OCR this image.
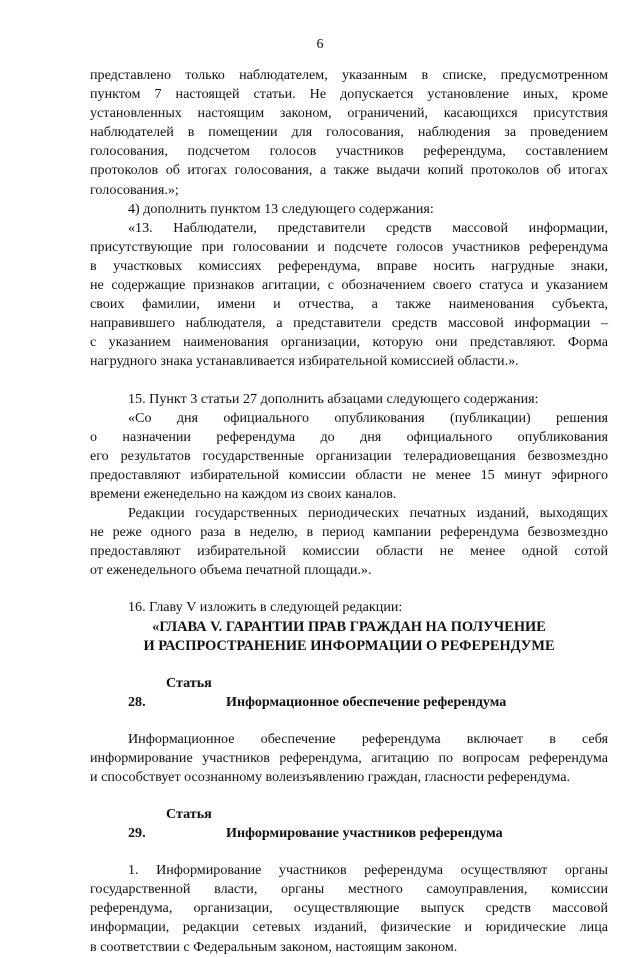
6

представлено только наблюдателем, указанным в списке, предусмотренном

пунктом 7 настоящей статьи. Не допускается установление иных, кроме

установленных настоящим законом, ограничений, касающихся присутствия

наблюдателей в помещении для голосования, наблюдения за проведением

голосования, подсчетом голосов участников референдума, составлением

протоколов об итогах голосования, а также выдачи копий протоколов об итогах

голосования.»;

4) дополнить пунктом 13 следующего содержания:

«13. Наблюдатели, представители средств массовой информации,

присутствующие при голосовании и подсчете голосов участников референдума

в участковых комиссиях референдума, вправе носить нагрудные знаки,

не содержащие признаков агитации, с обозначением своего статуса и указанием

своих фамилии, имени и отчества, а также наименования субъекта,

направившего наблюдателя, а представители средств массовой информации –

с указанием наименования организации, которую они представляют. Форма

нагрудного знака устанавливается избирательной комиссией области.».

15. Пункт 3 статьи 27 дополнить абзацами следующего содержания:

«Со дня официального опубликования (публикации) решения

о назначении референдума до дня официального опубликования

его результатов государственные организации телерадиовещания безвозмездно

предоставляют избирательной комиссии области не менее 15 минут эфирного

времени еженедельно на каждом из своих каналов.

Редакции государственных периодических печатных изданий, выходящих

не реже одного раза в неделю, в период кампании референдума безвозмездно

предоставляют избирательной комиссии области не менее одной сотой

от еженедельного объема печатной площади.».

16. Главу V изложить в следующей редакции:

«ГЛАВА V. ГАРАНТИИ ПРАВ ГРАЖДАН НА ПОЛУЧЕНИЕ

И РАСПРОСТРАНЕНИЕ ИНФОРМАЦИИ О РЕФЕРЕНДУМЕ

Статья 28.	Информационное обеспечение референдума

Информационное обеспечение референдума включает в себя

информирование участников референдума, агитацию по вопросам референдума

и способствует осознанному волеизъявлению граждан, гласности референдума.

Статья 29.	Информирование участников референдума

1. Информирование участников референдума осуществляют органы

государственной власти, органы местного самоуправления, комиссии

референдума, организации, осуществляющие выпуск средств массовой

информации, редакции сетевых изданий, физические и юридические лица

в соответствии с Федеральным законом, настоящим законом.
